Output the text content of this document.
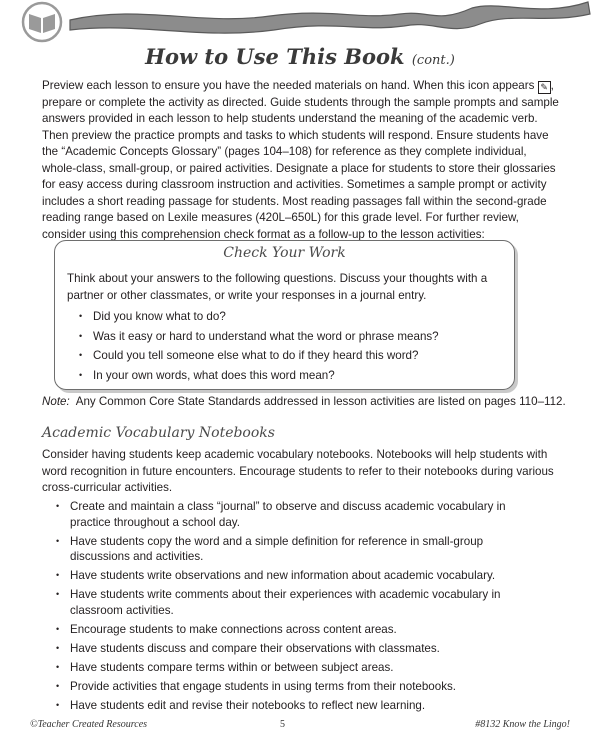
How to Use This Book (cont.)

Preview each lesson to ensure you have the needed materials on hand. When this icon appears ✎ , prepare or complete the activity as directed. Guide students through the sample prompts and sample answers provided in each lesson to help students understand the meaning of the academic verb. Then preview the practice prompts and tasks to which students will respond. Ensure students have the “Academic Concepts Glossary” (pages 104–108) for reference as they complete individual, whole-class, small-group, or paired activities. Designate a place for students to store their glossaries for easy access during classroom instruction and activities. Sometimes a sample prompt or activity includes a short reading passage for students. Most reading passages fall within the second-grade reading range based on Lexile measures (420L–650L) for this grade level. For further review, consider using this comprehension check format as a follow-up to the lesson activities:

Check Your Work

Think about your answers to the following questions. Discuss your thoughts with a partner or other classmates, or write your responses in a journal entry.

• Did you know what to do?
• Was it easy or hard to understand what the word or phrase means?
• Could you tell someone else what to do if they heard this word?
• In your own words, what does this word mean?

Note: Any Common Core State Standards addressed in lesson activities are listed on pages 110–112.

Academic Vocabulary Notebooks

Consider having students keep academic vocabulary notebooks. Notebooks will help students with word recognition in future encounters. Encourage students to refer to their notebooks during various cross-curricular activities.

• Create and maintain a class “journal” to observe and discuss academic vocabulary in practice throughout a school day.
• Have students copy the word and a simple definition for reference in small-group discussions and activities.
• Have students write observations and new information about academic vocabulary.
• Have students write comments about their experiences with academic vocabulary in classroom activities.
• Encourage students to make connections across content areas.
• Have students discuss and compare their observations with classmates.
• Have students compare terms within or between subject areas.
• Provide activities that engage students in using terms from their notebooks.
• Have students edit and revise their notebooks to reflect new learning.
©Teacher Created Resources	5	#8132 Know the Lingo!
